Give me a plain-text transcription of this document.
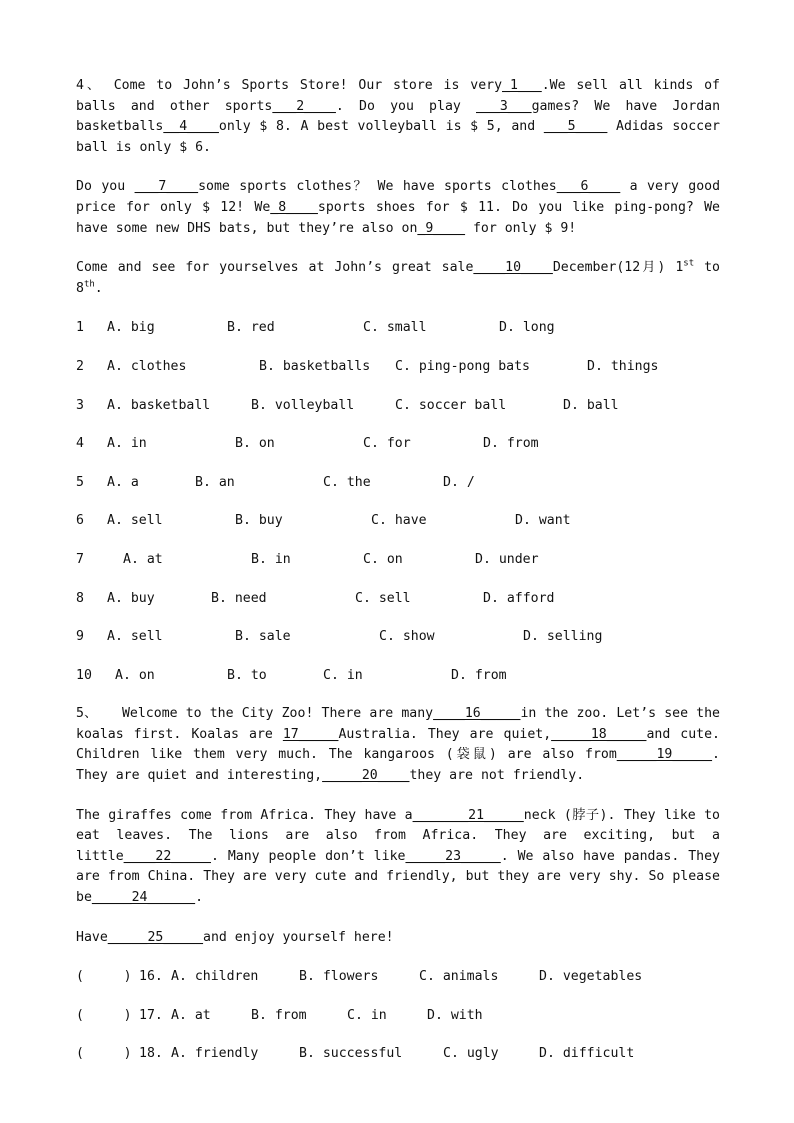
4、 Come to John’s Sports Store! Our store is very_1___.We sell all kinds of balls and other sports___2____. Do you play ___3___games? We have Jordan basketballs__4____only $ 8. A best volleyball is $ 5, and ___5____ Adidas soccer ball is only $ 6.

Do you ___7____some sports clothes？ We have sports clothes___6____ a very good price for only $ 12! We_8____sports shoes for $ 11. Do you like ping-pong? We have some new DHS bats, but they’re also on_9____ for only $ 9!

Come and see for yourselves at John’s great sale____10____December(12月) 1st to 8th.

1 A. big	B. red	C. small	D. long
2 A. clothes	B. basketballs C. ping-pong bats	D. things
3 A. basketball	B. volleyball	C. soccer ball	D. ball
4 A. in	B. on	C. for	D. from
5 A. a	B. an	C. the	D. /
6 A. sell	B. buy	C. have	D. want
7	A. at	B. in	C. on	D. under
8 A. buy	B. need	C. sell	D. afford
9 A. sell	B. sale	C. show	D. selling
10 A. on	B. to	C. in	D. from

5、   Welcome to the City Zoo! There are many____16_____in the zoo. Let’s see the koalas first. Koalas are 17_____Australia. They are quiet,_____18_____and cute. Children like them very much. The kangaroos (袋鼠) are also from_____19_____. They are quiet and interesting,_____20____they are not friendly.

The giraffes come from Africa. They have a_______21_____neck (脖子). They like to eat leaves. The lions are also from Africa. They are exciting, but a little____22_____. Many people don’t like_____23_____. We also have pandas. They are from China. They are very cute and friendly, but they are very shy. So please be_____24______.

Have_____25_____and enjoy yourself here!

(     ) 16. A. children	B. flowers	C. animals	D. vegetables
(     ) 17. A. at	B. from	C. in	D. with
(     ) 18. A. friendly	B. successful	C. ugly	D. difficult
